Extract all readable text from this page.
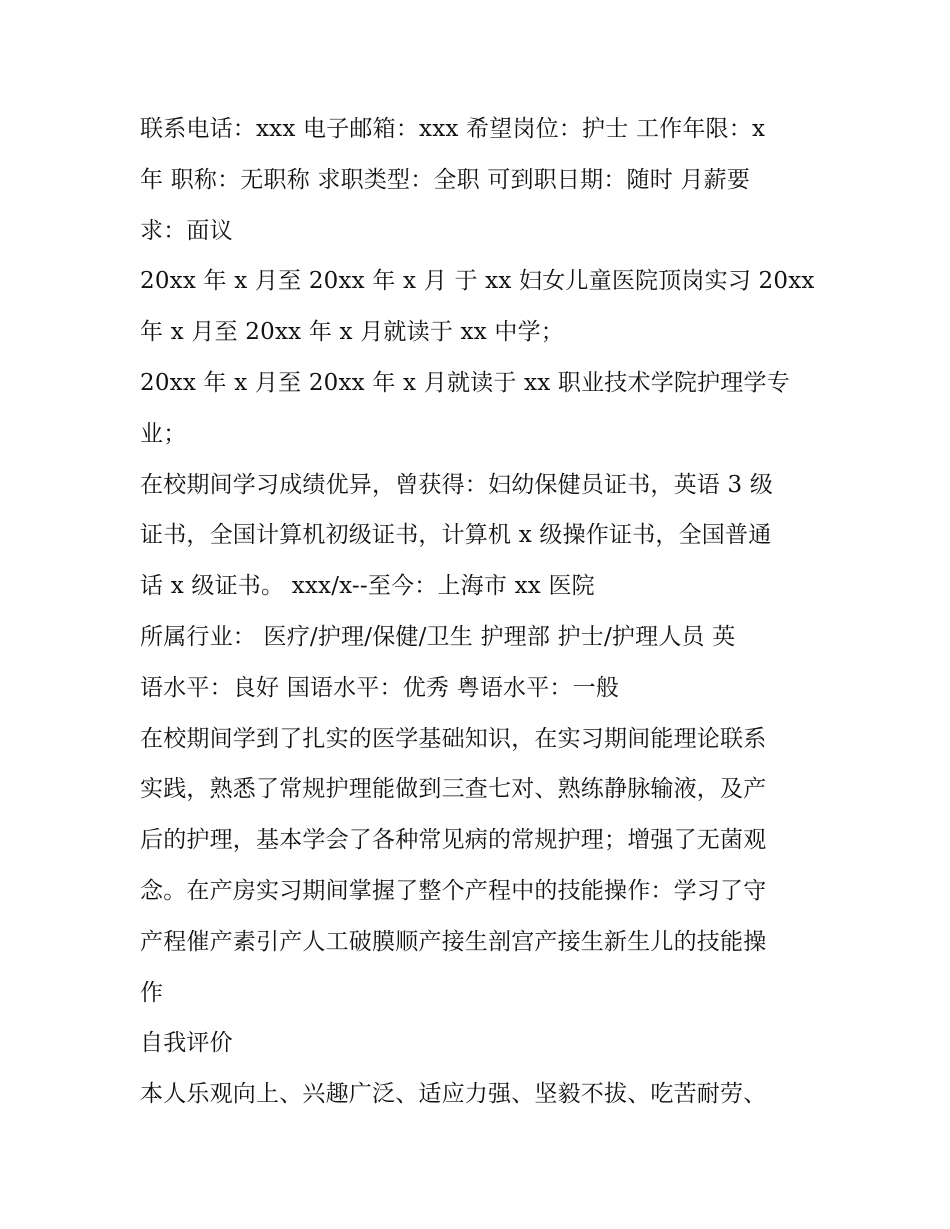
联系电话：xxx 电子邮箱：xxx 希望岗位：护士 工作年限：x
年 职称：无职称 求职类型：全职 可到职日期：随时 月薪要
求：面议
20xx 年 x 月至 20xx 年 x 月 于 xx 妇女儿童医院顶岗实习 20xx
年 x 月至 20xx 年 x 月就读于 xx 中学；
20xx 年 x 月至 20xx 年 x 月就读于 xx 职业技术学院护理学专
业；
在校期间学习成绩优异，曾获得：妇幼保健员证书，英语 3 级
证书，全国计算机初级证书，计算机 x 级操作证书，全国普通
话 x 级证书。 xxx/x--至今：上海市 xx 医院
所属行业： 医疗/护理/保健/卫生 护理部 护士/护理人员 英
语水平：良好 国语水平：优秀 粤语水平：一般
在校期间学到了扎实的医学基础知识，在实习期间能理论联系
实践，熟悉了常规护理能做到三查七对、熟练静脉输液，及产
后的护理，基本学会了各种常见病的常规护理；增强了无菌观
念。在产房实习期间掌握了整个产程中的技能操作：学习了守
产程催产素引产人工破膜顺产接生剖宫产接生新生儿的技能操
作
自我评价
本人乐观向上、兴趣广泛、适应力强、坚毅不拔、吃苦耐劳、
